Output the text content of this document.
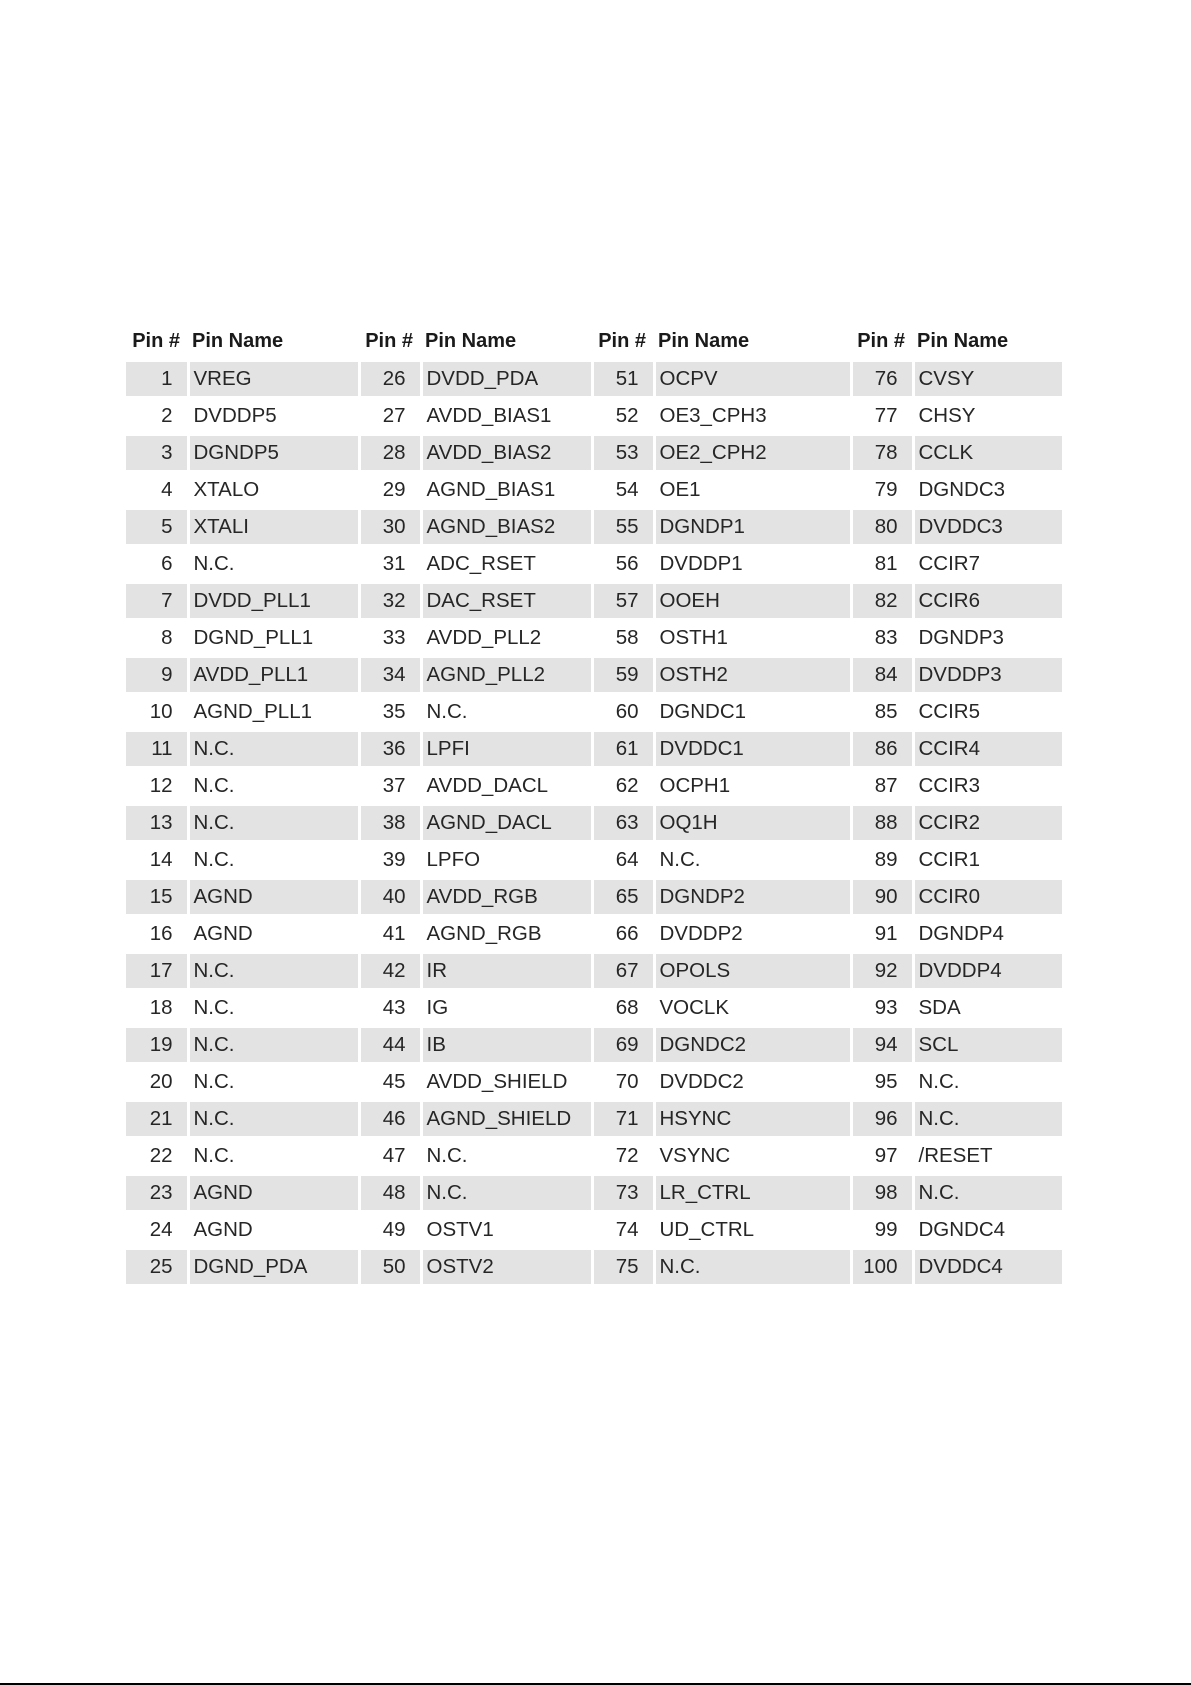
Pin #	Pin Name	Pin #	Pin Name	Pin #	Pin Name	Pin #	Pin Name
1	VREG	26	DVDD_PDA	51	OCPV	76	CVSY
2	DVDDP5	27	AVDD_BIAS1	52	OE3_CPH3	77	CHSY
3	DGNDP5	28	AVDD_BIAS2	53	OE2_CPH2	78	CCLK
4	XTALO	29	AGND_BIAS1	54	OE1	79	DGNDC3
5	XTALI	30	AGND_BIAS2	55	DGNDP1	80	DVDDC3
6	N.C.	31	ADC_RSET	56	DVDDP1	81	CCIR7
7	DVDD_PLL1	32	DAC_RSET	57	OOEH	82	CCIR6
8	DGND_PLL1	33	AVDD_PLL2	58	OSTH1	83	DGNDP3
9	AVDD_PLL1	34	AGND_PLL2	59	OSTH2	84	DVDDP3
10	AGND_PLL1	35	N.C.	60	DGNDC1	85	CCIR5
11	N.C.	36	LPFI	61	DVDDC1	86	CCIR4
12	N.C.	37	AVDD_DACL	62	OCPH1	87	CCIR3
13	N.C.	38	AGND_DACL	63	OQ1H	88	CCIR2
14	N.C.	39	LPFO	64	N.C.	89	CCIR1
15	AGND	40	AVDD_RGB	65	DGNDP2	90	CCIR0
16	AGND	41	AGND_RGB	66	DVDDP2	91	DGNDP4
17	N.C.	42	IR	67	OPOLS	92	DVDDP4
18	N.C.	43	IG	68	VOCLK	93	SDA
19	N.C.	44	IB	69	DGNDC2	94	SCL
20	N.C.	45	AVDD_SHIELD	70	DVDDC2	95	N.C.
21	N.C.	46	AGND_SHIELD	71	HSYNC	96	N.C.
22	N.C.	47	N.C.	72	VSYNC	97	/RESET
23	AGND	48	N.C.	73	LR_CTRL	98	N.C.
24	AGND	49	OSTV1	74	UD_CTRL	99	DGNDC4
25	DGND_PDA	50	OSTV2	75	N.C.	100	DVDDC4
